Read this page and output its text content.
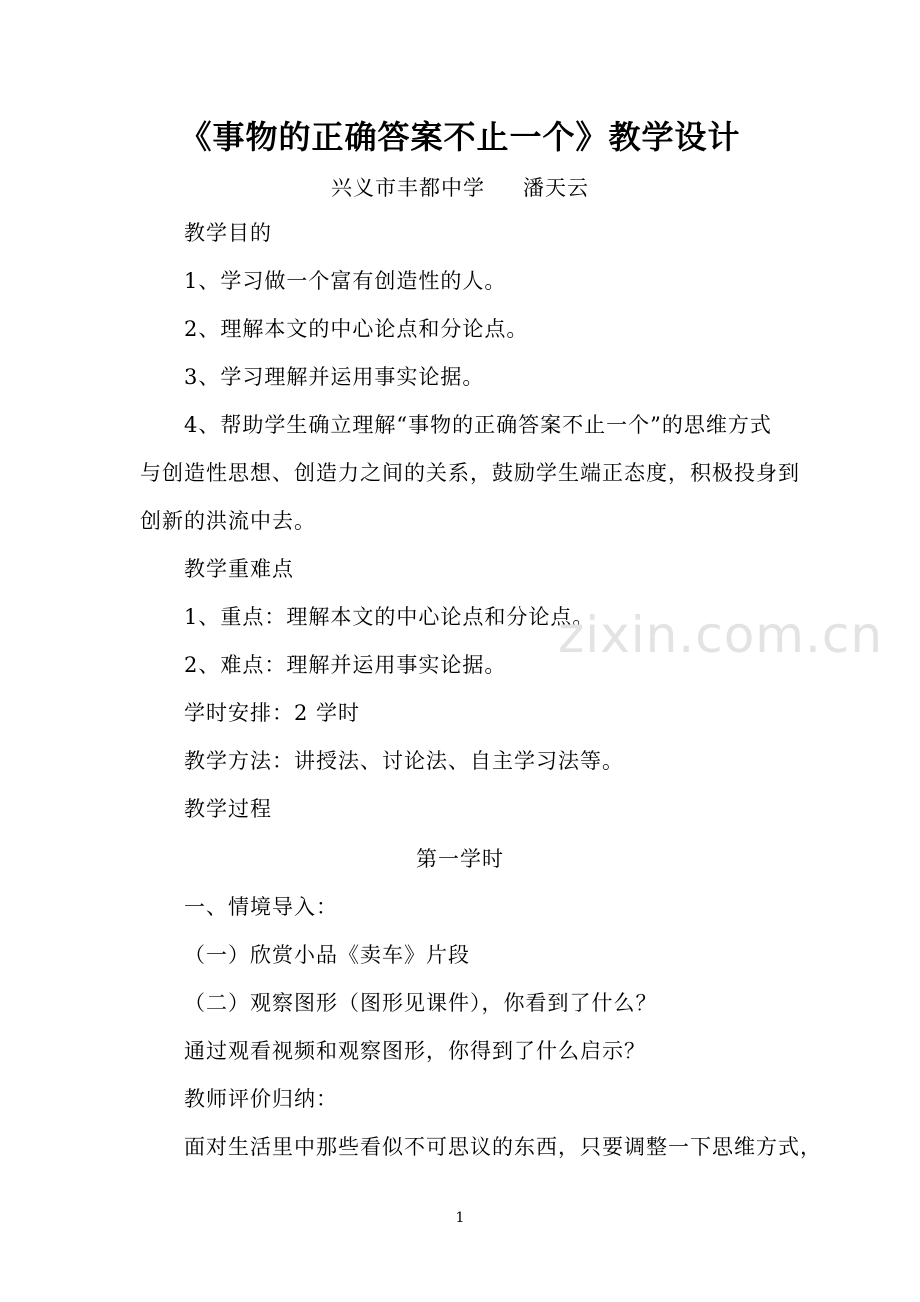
《事物的正确答案不止一个》教学设计
兴义市丰都中学 潘天云
教学目的
1、学习做一个富有创造性的人。
2、理解本文的中心论点和分论点。
3、学习理解并运用事实论据。
4、帮助学生确立理解“事物的正确答案不止一个”的思维方式
与创造性思想、创造力之间的关系，鼓励学生端正态度，积极投身到
创新的洪流中去。
教学重难点
1、重点：理解本文的中心论点和分论点。
2、难点：理解并运用事实论据。
学时安排：2 学时
教学方法：讲授法、讨论法、自主学习法等。
教学过程
第一学时
一、情境导入：
（一）欣赏小品《卖车》片段
（二）观察图形（图形见课件），你看到了什么？
通过观看视频和观察图形，你得到了什么启示？
教师评价归纳：
面对生活里中那些看似不可思议的东西，只要调整一下思维方式，
zixin.com.cn
1
